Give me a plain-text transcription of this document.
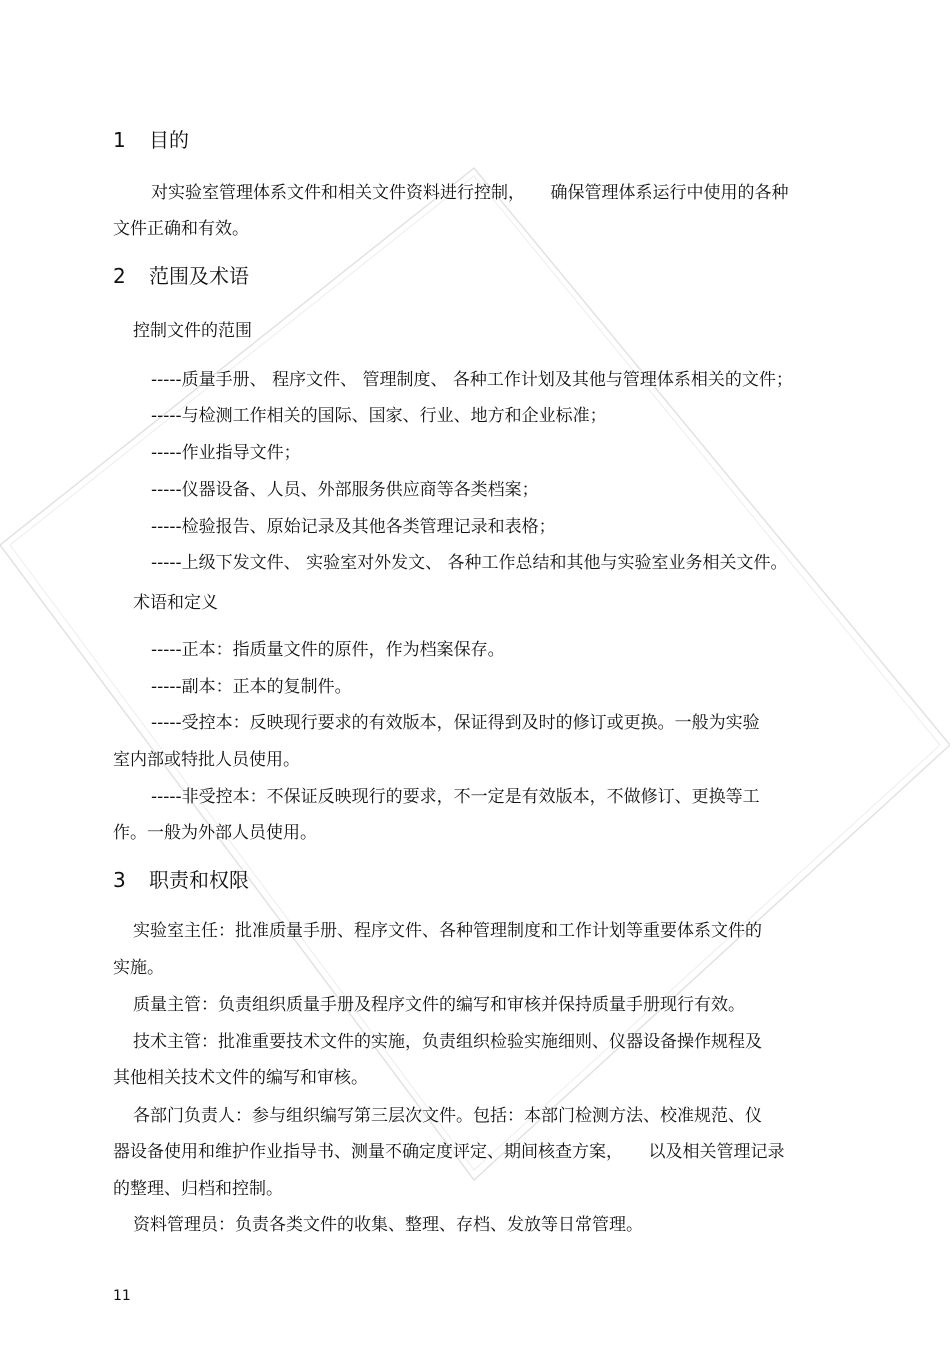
1 目的
对实验室管理体系文件和相关文件资料进行控制，　　确保管理体系运行中使用的各种
文件正确和有效。
2 范围及术语
控制文件的范围
-----质量手册、 程序文件、 管理制度、 各种工作计划及其他与管理体系相关的文件；
-----与检测工作相关的国际、国家、行业、地方和企业标准；
-----作业指导文件；
-----仪器设备、人员、外部服务供应商等各类档案；
-----检验报告、原始记录及其他各类管理记录和表格；
-----上级下发文件、 实验室对外发文、 各种工作总结和其他与实验室业务相关文件。
术语和定义
-----正本：指质量文件的原件，作为档案保存。
-----副本：正本的复制件。
-----受控本：反映现行要求的有效版本，保证得到及时的修订或更换。一般为实验
室内部或特批人员使用。
-----非受控本：不保证反映现行的要求，不一定是有效版本，不做修订、更换等工
作。一般为外部人员使用。
3 职责和权限
实验室主任：批准质量手册、程序文件、各种管理制度和工作计划等重要体系文件的
实施。
质量主管：负责组织质量手册及程序文件的编写和审核并保持质量手册现行有效。
技术主管：批准重要技术文件的实施，负责组织检验实施细则、仪器设备操作规程及
其他相关技术文件的编写和审核。
各部门负责人：参与组织编写第三层次文件。包括：本部门检测方法、校准规范、仪
器设备使用和维护作业指导书、测量不确定度评定、期间核查方案，　　以及相关管理记录
的整理、归档和控制。
资料管理员：负责各类文件的收集、整理、存档、发放等日常管理。
11
